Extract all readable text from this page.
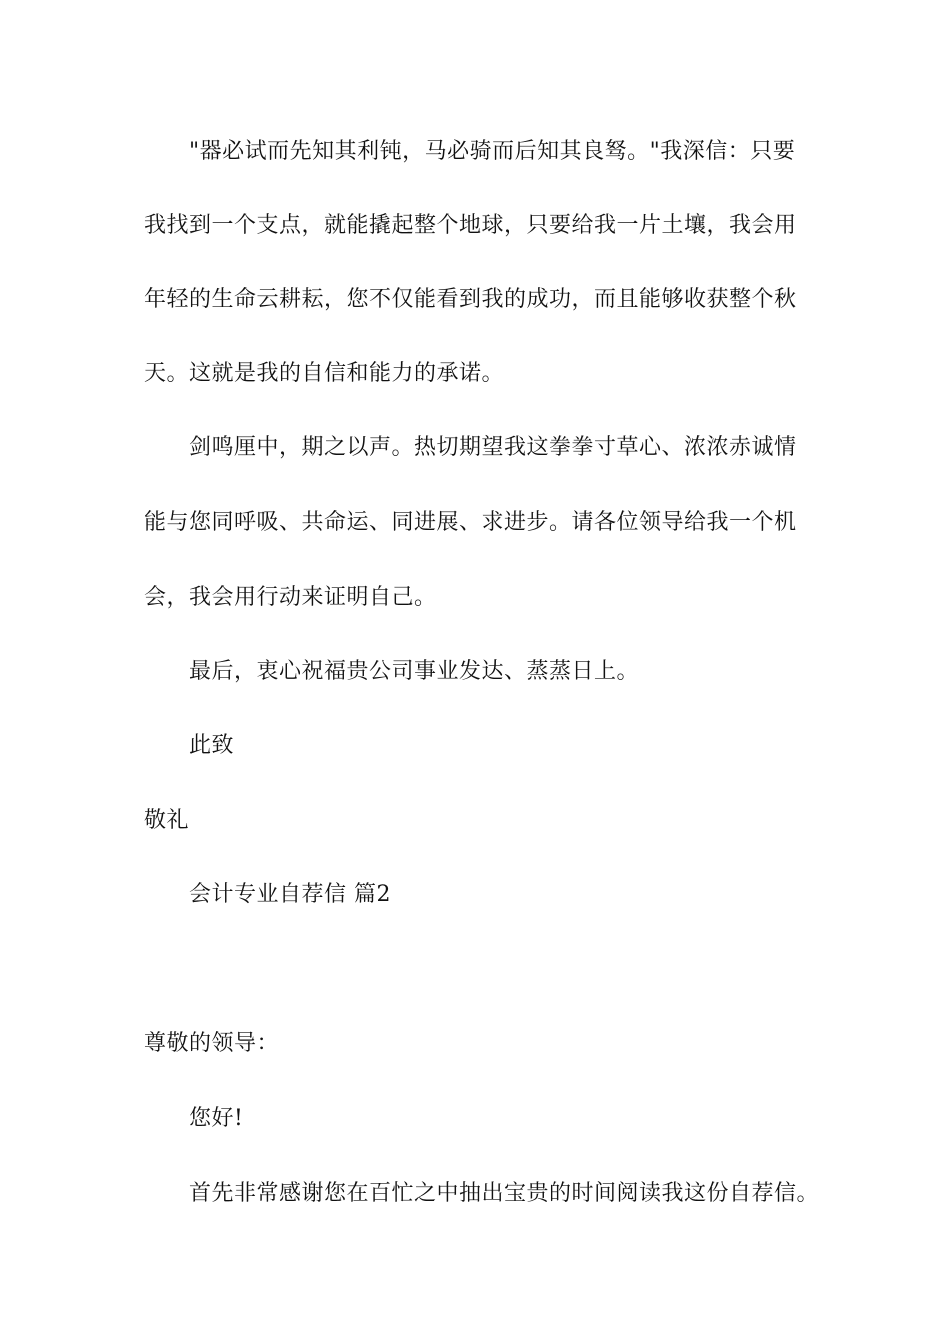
"器必试而先知其利钝，马必骑而后知其良驽。"我深信：只要
我找到一个支点，就能撬起整个地球，只要给我一片土壤，我会用
年轻的生命云耕耘，您不仅能看到我的成功，而且能够收获整个秋
天。这就是我的自信和能力的承诺。
剑鸣厘中，期之以声。热切期望我这拳拳寸草心、浓浓赤诚情
能与您同呼吸、共命运、同进展、求进步。请各位领导给我一个机
会，我会用行动来证明自己。
最后，衷心祝福贵公司事业发达、蒸蒸日上。
此致
敬礼
会计专业自荐信 篇2
尊敬的领导：
您好!
首先非常感谢您在百忙之中抽出宝贵的时间阅读我这份自荐信。
